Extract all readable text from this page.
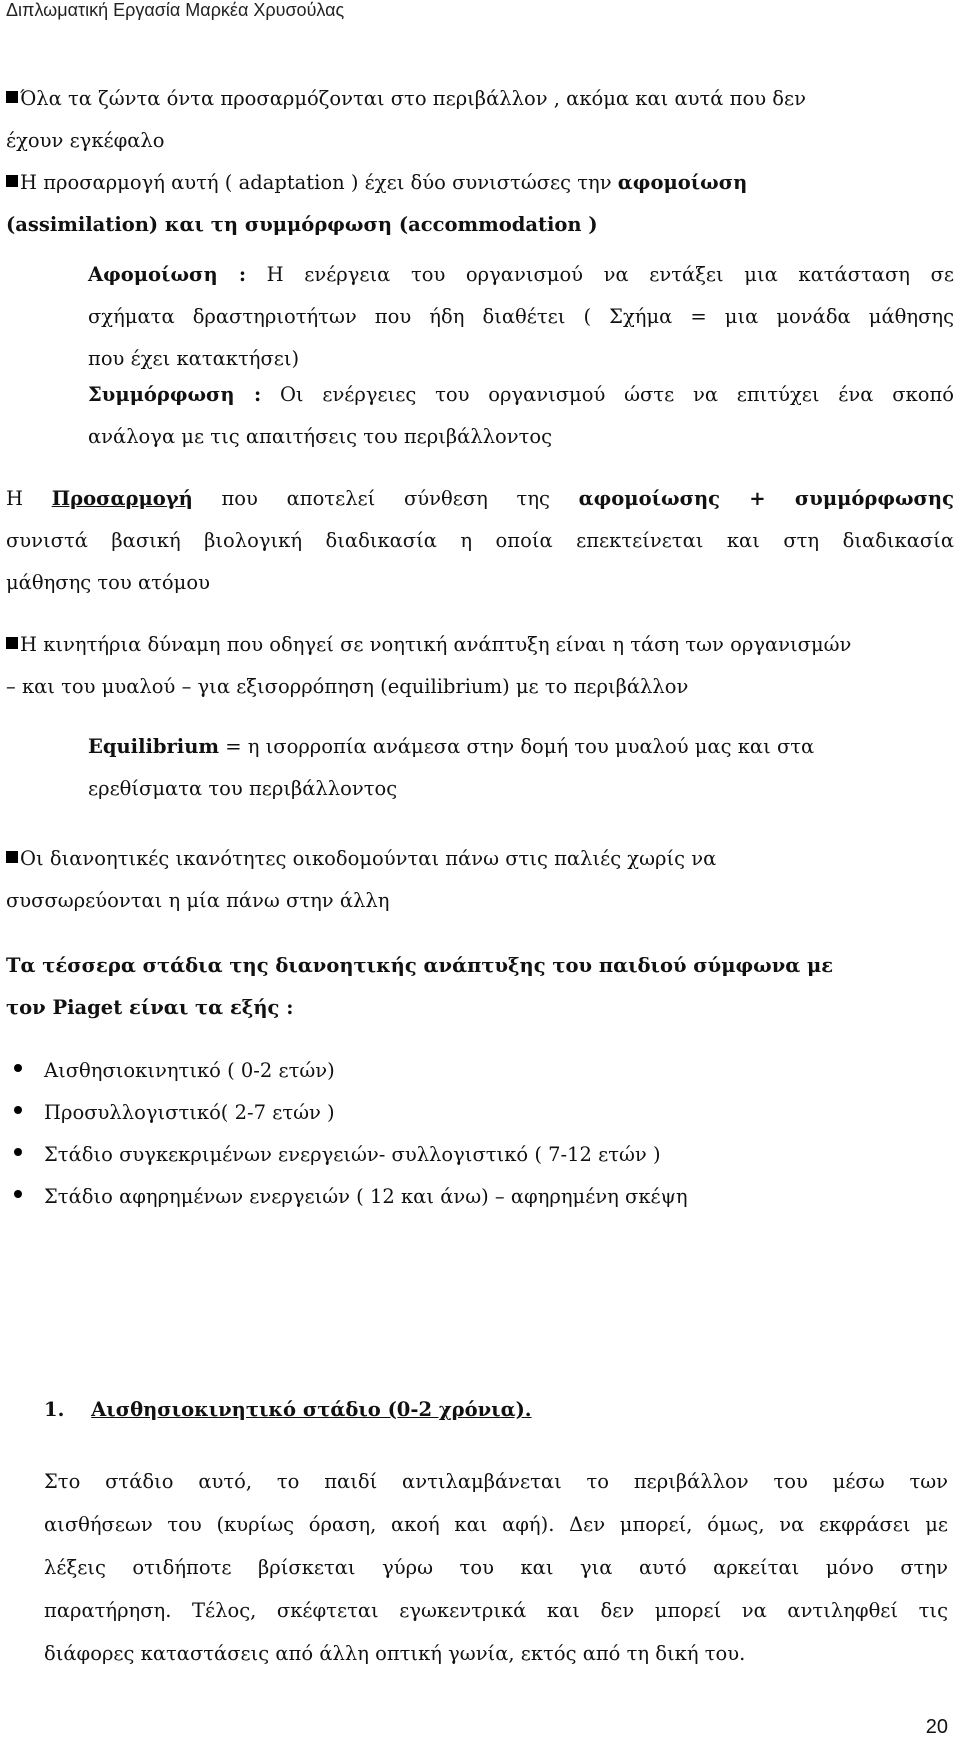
Διπλωματική Εργασία Μαρκέα Χρυσούλας
Όλα τα ζώντα όντα προσαρμόζονται στο περιβάλλον , ακόμα και αυτά που δεν
έχουν εγκέφαλο
Η προσαρμογή αυτή ( adaptation ) έχει δύο συνιστώσες την αφομοίωση
(assimilation) και τη συμμόρφωση (accommodation )
Αφομοίωση : Η ενέργεια του οργανισμού να εντάξει μια κατάσταση σε
σχήματα δραστηριοτήτων που ήδη διαθέτει ( Σχήμα = μια μονάδα μάθησης
που έχει κατακτήσει)
Συμμόρφωση : Οι ενέργειες του οργανισμού ώστε να επιτύχει ένα σκοπό
ανάλογα με τις απαιτήσεις του περιβάλλοντος
Η Προσαρμογή που αποτελεί σύνθεση της αφομοίωσης + συμμόρφωσης
συνιστά βασική βιολογική διαδικασία η οποία επεκτείνεται και στη διαδικασία
μάθησης του ατόμου
Η κινητήρια δύναμη που οδηγεί σε νοητική ανάπτυξη είναι η τάση των οργανισμών
– και του μυαλού – για εξισορρόπηση (equilibrium) με το περιβάλλον
Equilibrium = η ισορροπία ανάμεσα στην δομή του μυαλού μας και στα
ερεθίσματα του περιβάλλοντος
Οι διανοητικές ικανότητες οικοδομούνται πάνω στις παλιές χωρίς να
συσσωρεύονται η μία πάνω στην άλλη
Τα τέσσερα στάδια της διανοητικής ανάπτυξης του παιδιού σύμφωνα με
τον Piaget είναι τα εξής :
Αισθησιοκινητικό ( 0-2 ετών)
Προσυλλογιστικό( 2-7 ετών )
Στάδιο συγκεκριμένων ενεργειών- συλλογιστικό ( 7-12 ετών )
Στάδιο αφηρημένων ενεργειών ( 12 και άνω) – αφηρημένη σκέψη
1. Αισθησιοκινητικό στάδιο (0-2 χρόνια).
Στο στάδιο αυτό, το παιδί αντιλαμβάνεται το περιβάλλον του μέσω των
αισθήσεων του (κυρίως όραση, ακοή και αφή). Δεν μπορεί, όμως, να εκφράσει με
λέξεις οτιδήποτε βρίσκεται γύρω του και για αυτό αρκείται μόνο στην
παρατήρηση. Τέλος, σκέφτεται εγωκεντρικά και δεν μπορεί να αντιληφθεί τις
διάφορες καταστάσεις από άλλη οπτική γωνία, εκτός από τη δική του.
20
